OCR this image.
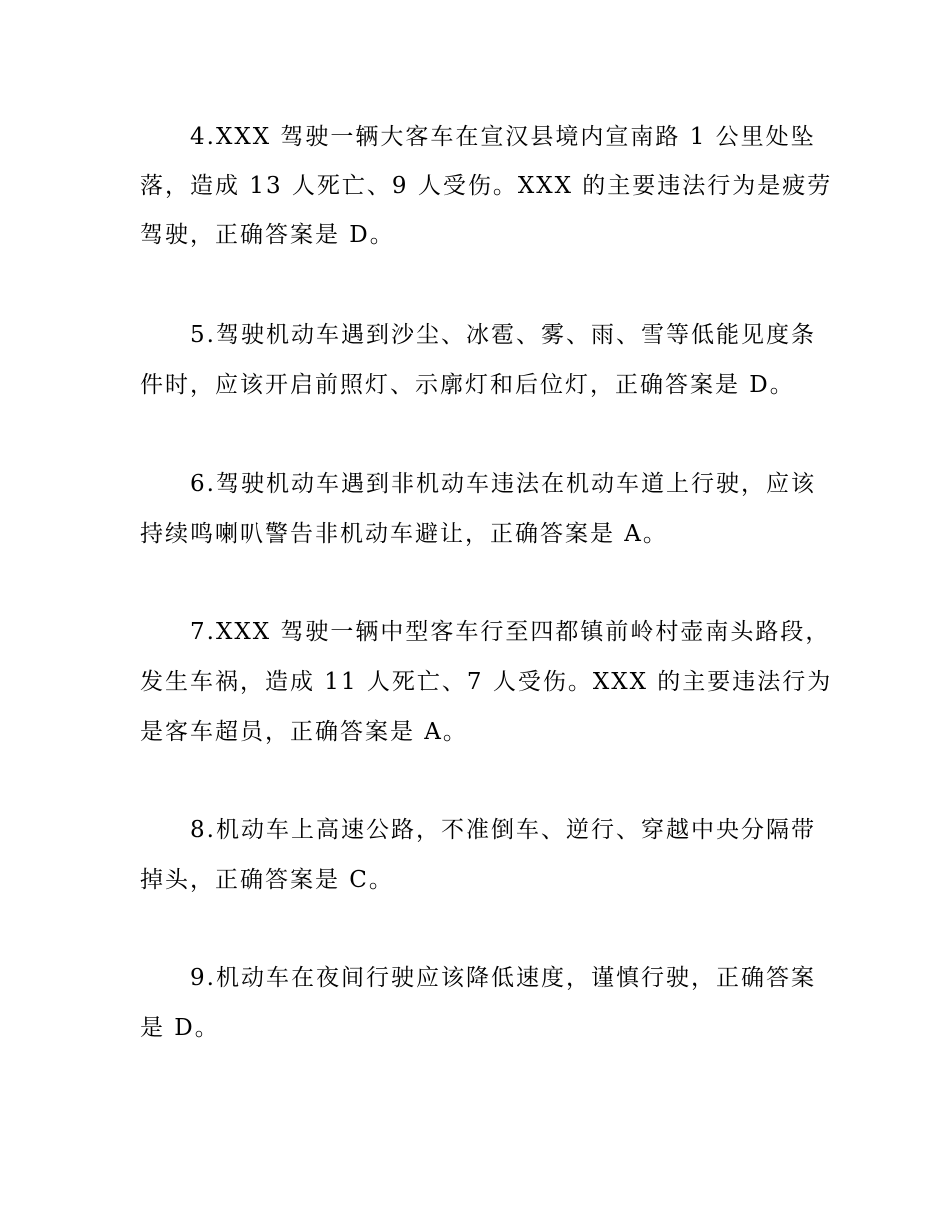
4.XXX 驾驶一辆大客车在宣汉县境内宣南路 1 公里处坠
落，造成 13 人死亡、9 人受伤。XXX 的主要违法行为是疲劳
驾驶，正确答案是 D。
5.驾驶机动车遇到沙尘、冰雹、雾、雨、雪等低能见度条
件时，应该开启前照灯、示廓灯和后位灯，正确答案是 D。
6.驾驶机动车遇到非机动车违法在机动车道上行驶，应该
持续鸣喇叭警告非机动车避让，正确答案是 A。
7.XXX 驾驶一辆中型客车行至四都镇前岭村壶南头路段，
发生车祸，造成 11 人死亡、7 人受伤。XXX 的主要违法行为
是客车超员，正确答案是 A。
8.机动车上高速公路，不准倒车、逆行、穿越中央分隔带
掉头，正确答案是 C。
9.机动车在夜间行驶应该降低速度，谨慎行驶，正确答案
是 D。
